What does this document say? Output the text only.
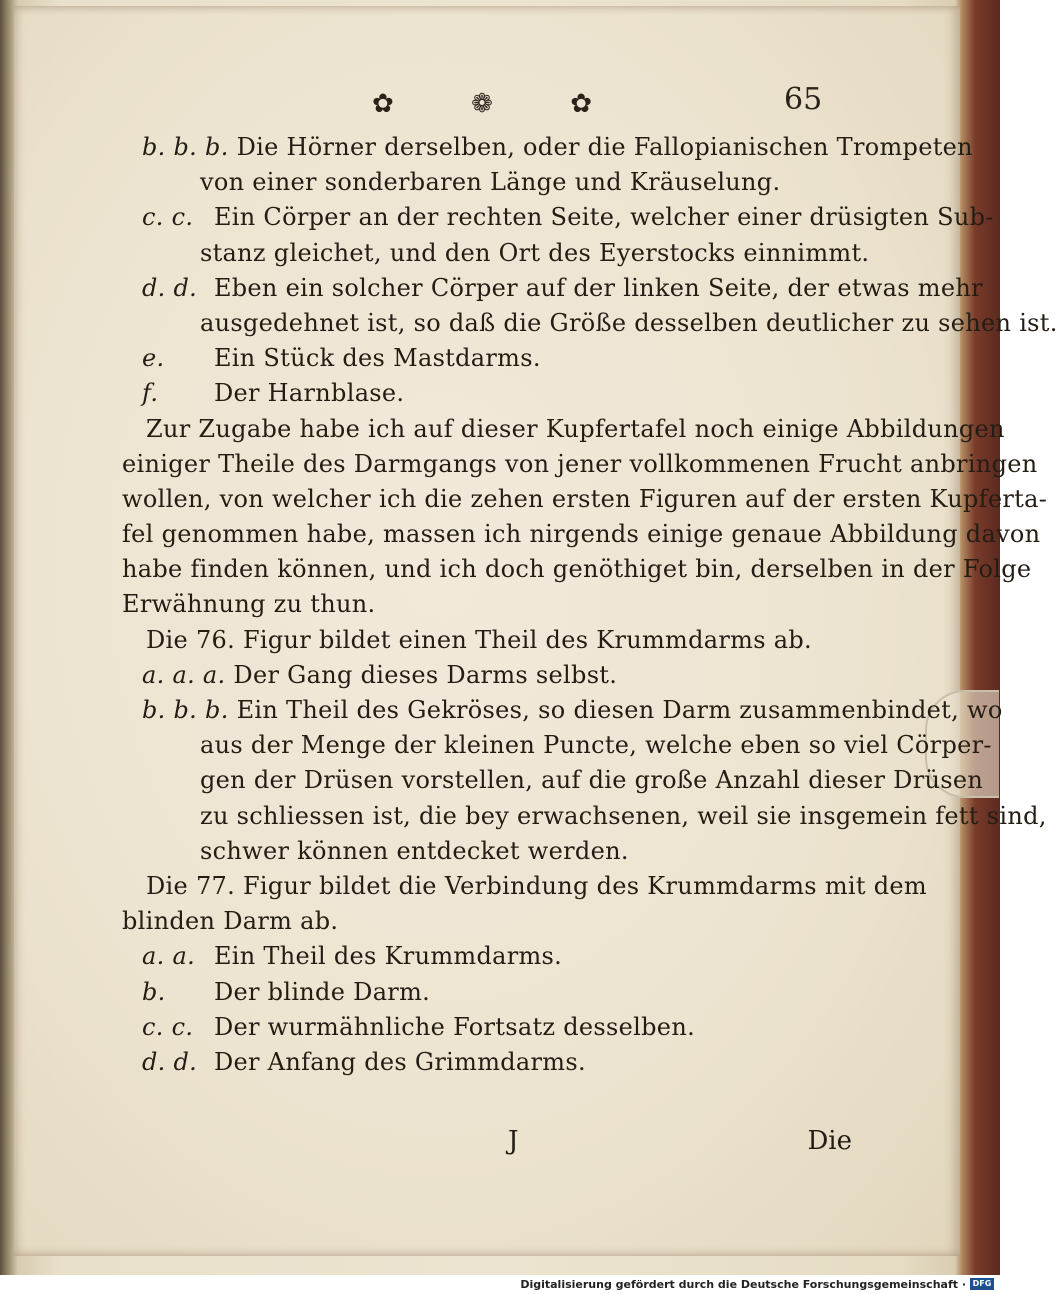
✿	❁	✿	65
b. b. b. Die Hörner derselben, oder die Fallopianischen Trompeten
von einer sonderbaren Länge und Kräuselung.
c. c. Ein Cörper an der rechten Seite, welcher einer drüsigten Sub-
stanz gleichet, und den Ort des Eyerstocks einnimmt.
d. d. Eben ein solcher Cörper auf der linken Seite, der etwas mehr
ausgedehnet ist, so daß die Größe desselben deutlicher zu sehen ist.
e. Ein Stück des Mastdarms.
f. Der Harnblase.
Zur Zugabe habe ich auf dieser Kupfertafel noch einige Abbildungen
einiger Theile des Darmgangs von jener vollkommenen Frucht anbringen
wollen, von welcher ich die zehen ersten Figuren auf der ersten Kupferta-
fel genommen habe, massen ich nirgends einige genaue Abbildung davon
habe finden können, und ich doch genöthiget bin, derselben in der Folge
Erwähnung zu thun.
Die 76. Figur bildet einen Theil des Krummdarms ab.
a. a. a. Der Gang dieses Darms selbst.
b. b. b. Ein Theil des Gekröses, so diesen Darm zusammenbindet, wo
aus der Menge der kleinen Puncte, welche eben so viel Cörper-
gen der Drüsen vorstellen, auf die große Anzahl dieser Drüsen
zu schliessen ist, die bey erwachsenen, weil sie insgemein fett sind,
schwer können entdecket werden.
Die 77. Figur bildet die Verbindung des Krummdarms mit dem
blinden Darm ab.
a. a. Ein Theil des Krummdarms.
b. Der blinde Darm.
c. c. Der wurmähnliche Fortsatz desselben.
d. d. Der Anfang des Grimmdarms.
J	Die
Digitalisierung gefördert durch die Deutsche Forschungsgemeinschaft · DFG
